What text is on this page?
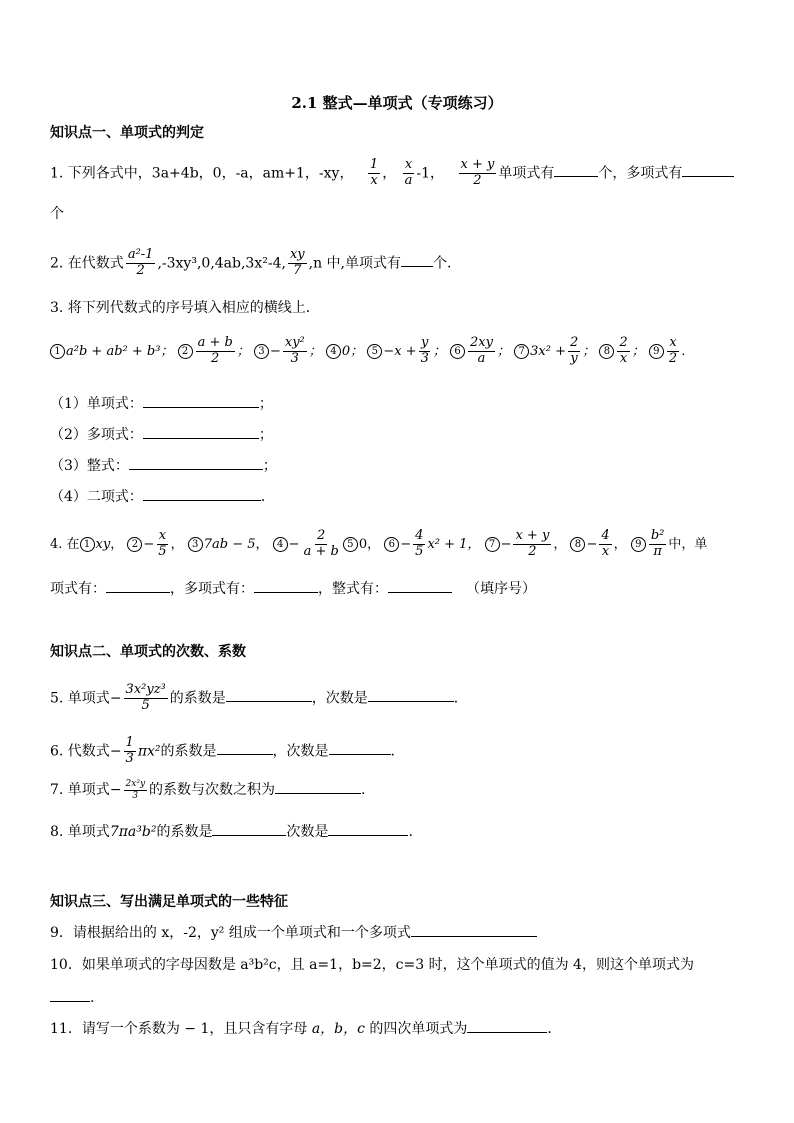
2.1 整式—单项式（专项练习）
知识点一、单项式的判定
1. 下列各式中，3a+4b，0，-a，am+1，-xy， $\frac{1}{x}$ ， $\frac{x}{a} -1$， $\frac{x + y}{2}$ 单项式有	个，多项式有
个
2. 在代数式 $\frac{\text{a²-1}}{2} ,-3xy^3,0,4ab,3x^2-4$, $\frac{xy}{7} ,n$ 中,单项式有 个.
3. 将下列代数式的序号填入相应的横线上．
1 a²b + ab² + b³； $2 \frac{a + b}{2}$ ； $3 - \frac{\text{xy²}}{3}$ ； 4 0； $5 -x + \frac{y}{3}$ ； $6 \frac{2xy}{a}$ ； 7 $3x^2 + \frac{2}{y}$ ； $8 \frac{2}{x}$ ； $9 \frac{x}{2}$ ．
（1）单项式：	；
（2）多项式：	；
（3）整式：	；
（4）二项式：	．
4. 在 1 xy， $2 - \frac{x}{5}$ ， 3 7ab − 5， $4 - \frac{2}{a + b} 5$ 0， $6 - \frac{4}{5} x^2 + 1$， $7 - \frac{x + y}{2}$ ， $8 - \frac{4}{x}$ ， $9 \frac{\text{b²}}{\pi}$ 中，单
项式有：	，多项式有：	，整式有：	（填序号）
知识点二、单项式的次数、系数
5. 单项式− $\frac{\text{3x²yz³}}{5}$ 的系数是	，次数是	.
6. 代数式− $\frac{1}{3} \pi x^2$的系数是	，次数是	.
7. 单项式− $\frac{\text{2x²y}}{3}$ 的系数与次数之积为	.
8. 单项式7πa³b²的系数是	次数是	.
知识点三、写出满足单项式的一些特征
9．请根据给出的 x，-2，y² 组成一个单项式和一个多项式
10．如果单项式的字母因数是 a³b²c，且 a=1，b=2，c=3 时，这个单项式的值为 4，则这个单项式为
.
11．请写一个系数为 − 1，且只含有字母 a，b，c 的四次单项式为	．
